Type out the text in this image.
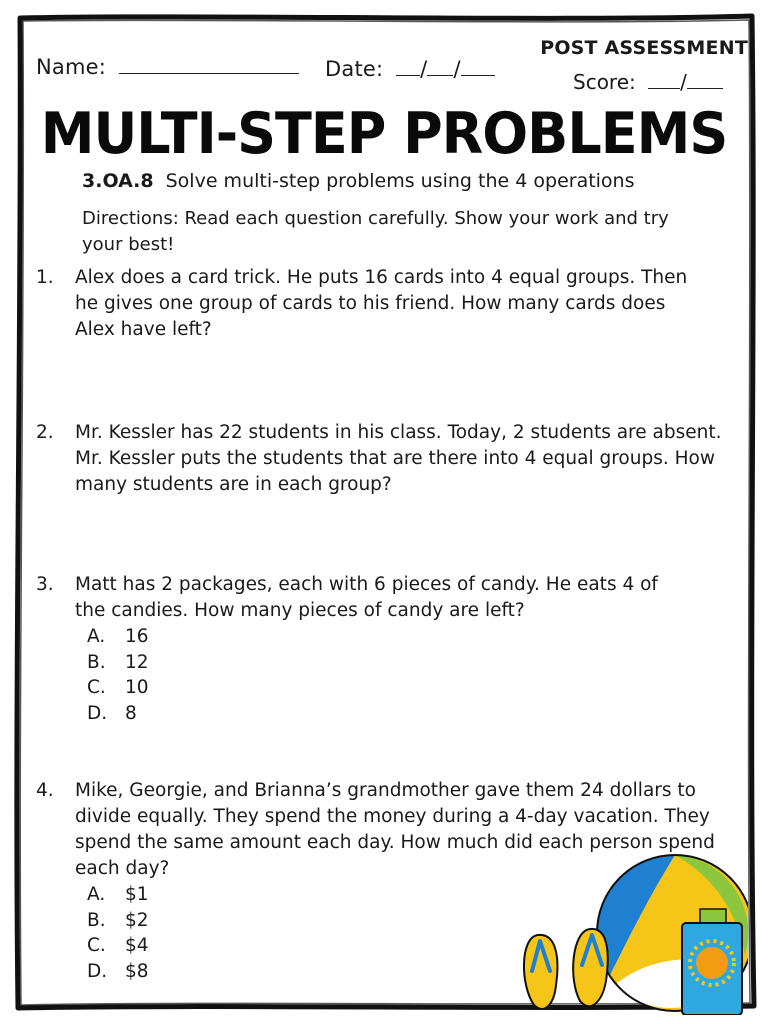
Name:	Date: / /
POST ASSESSMENT
Score: /
MULTI-STEP PROBLEMS
3.OA.8 Solve multi-step problems using the 4 operations
Directions: Read each question carefully. Show your work and try your best!
1. Alex does a card trick. He puts 16 cards into 4 equal groups. Then he gives one group of cards to his friend. How many cards does Alex have left?
2. Mr. Kessler has 22 students in his class. Today, 2 students are absent. Mr. Kessler puts the students that are there into 4 equal groups. How many students are in each group?
3. Matt has 2 packages, each with 6 pieces of candy. He eats 4 of the candies. How many pieces of candy are left?
A. 16
B. 12
C. 10
D. 8
4. Mike, Georgie, and Brianna’s grandmother gave them 24 dollars to divide equally. They spend the money during a 4-day vacation. They spend the same amount each day. How much did each person spend each day?
A. $1
B. $2
C. $4
D. $8
